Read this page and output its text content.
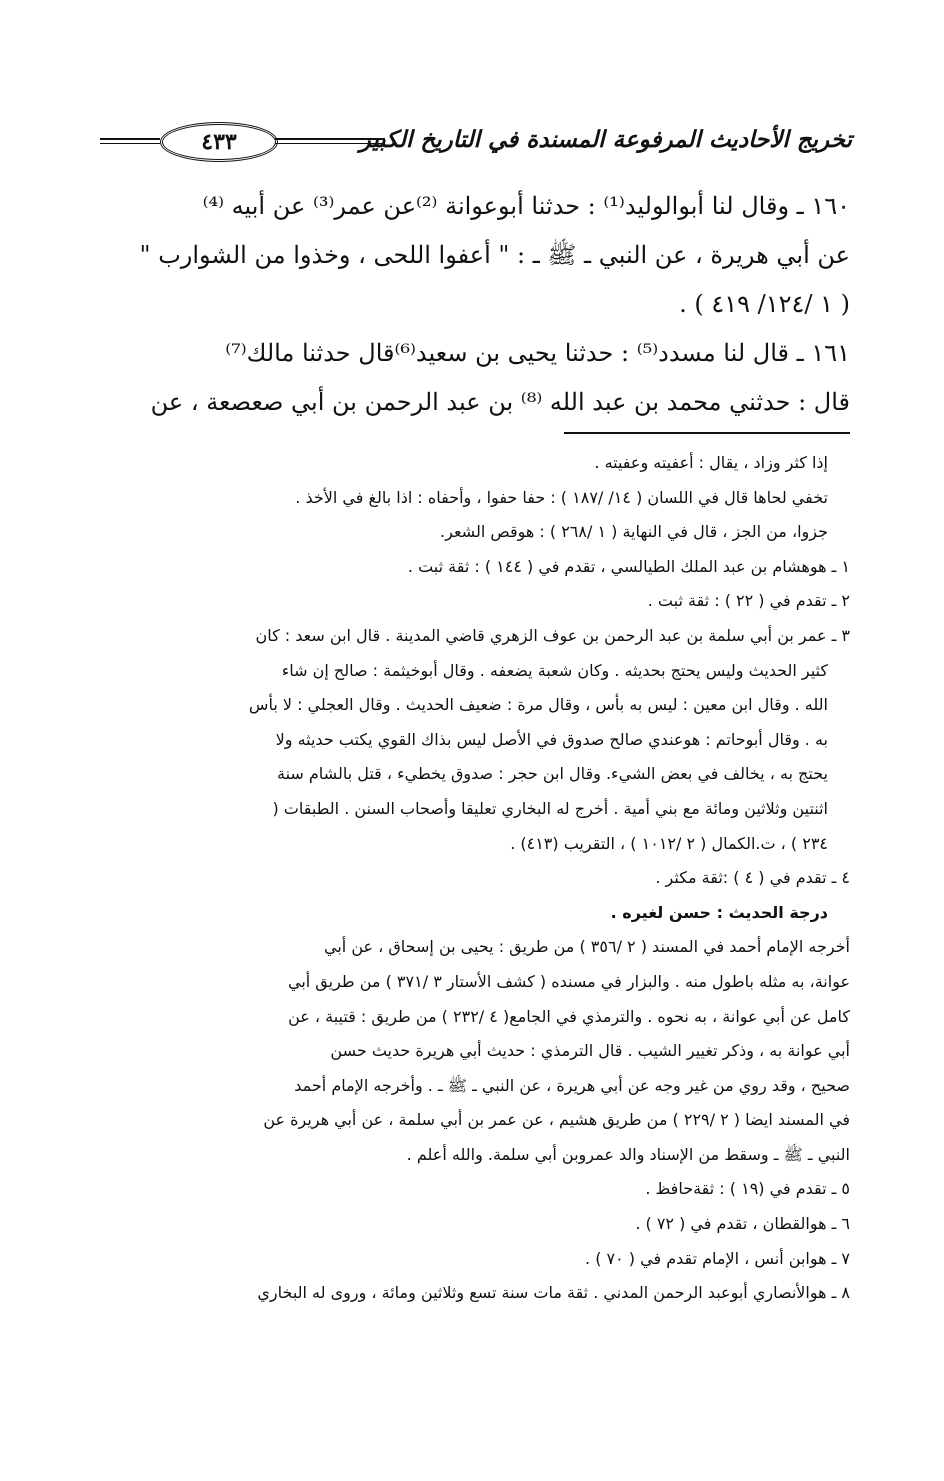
تخريج الأحاديث المرفوعة المسندة في التاريخ الكبير
٤٣٣

١٦٠ ـ وقال لنا أبوالوليد⁽¹⁾ : حدثنا أبوعوانة ⁽²⁾عن عمر⁽³⁾ عن أبيه ⁽⁴⁾

عن أبي هريرة ، عن النبي ـ ﷺ ـ : " أعفوا اللحى ، وخذوا من الشوارب "

( ١ /١٢٤/ ٤١٩ ) .

١٦١ ـ قال لنا مسدد⁽⁵⁾ : حدثنا يحيى بن سعيد⁽⁶⁾قال حدثنا مالك⁽⁷⁾

قال : حدثني محمد بن عبد الله ⁽⁸⁾ بن عبد الرحمن بن أبي صعصعة ، عن

إذا كثر وزاد ، يقال : أعفيته وعفيته .

تخفي لحاها قال في اللسان ( ١٤/ /١٨٧ ) : حفا حفوا ، وأحفاه : اذا بالغ في الأخذ .

جزوا، من الجز ، قال في النهاية ( ١ /٢٦٨ ) : هوقص الشعر.

١ ـ هوهشام بن عبد الملك الطيالسي ، تقدم في ( ١٤٤ ) : ثقة ثبت .

٢ ـ تقدم في ( ٢٢ ) : ثقة ثبت .

٣ ـ عمر بن أبي سلمة بن عبد الرحمن بن عوف الزهري قاضي المدينة . قال ابن سعد : كان

كثير الحديث وليس يحتج بحديثه . وكان شعبة يضعفه . وقال أبوخيثمة : صالح إن شاء

الله . وقال ابن معين : ليس به بأس ، وقال مرة : ضعيف الحديث . وقال العجلي : لا بأس

به . وقال أبوحاتم : هوعندي صالح صدوق في الأصل ليس بذاك القوي يكتب حديثه ولا

يحتج به ، يخالف في بعض الشيء. وقال ابن حجر : صدوق يخطيء ، قتل بالشام سنة

اثنتين وثلاثين ومائة مع بني أمية . أخرج له البخاري تعليقا وأصحاب السنن . الطبقات (

٢٣٤ ) ، ت.الكمال ( ٢ /١٠١٢ ) ، التقريب (٤١٣) .

٤ ـ تقدم في ( ٤ ) :ثقة مكثر .

درجة الحديث : حسن لغيره .

أخرجه الإمام أحمد في المسند ( ٢ /٣٥٦ ) من طريق : يحيى بن إسحاق ، عن أبي

عوانة، به مثله باطول منه . والبزار في مسنده ( كشف الأستار ٣ /٣٧١ ) من طريق أبي

كامل عن أبي عوانة ، به نحوه . والترمذي في الجامع( ٤ /٢٣٢ ) من طريق : قتيبة ، عن

أبي عوانة به ، وذكر تغيير الشيب . قال الترمذي : حديث أبي هريرة حديث حسن

صحيح ، وقد روي من غير وجه عن أبي هريرة ، عن النبي ـ ﷺ ـ . وأخرجه الإمام أحمد

في المسند ايضا ( ٢ /٢٢٩ ) من طريق هشيم ، عن عمر بن أبي سلمة ، عن أبي هريرة عن

النبي ـ ﷺ ـ وسقط من الإسناد والد عمروبن أبي سلمة. والله أعلم .

٥ ـ تقدم في (١٩ ) : ثقةحافظ .

٦ ـ هوالقطان ، تقدم في ( ٧٢ ) .

٧ ـ هوابن أنس ، الإمام تقدم في ( ٧٠ ) .

٨ ـ هوالأنصاري أبوعبد الرحمن المدني . ثقة مات سنة تسع وثلاثين ومائة ، وروى له البخاري
